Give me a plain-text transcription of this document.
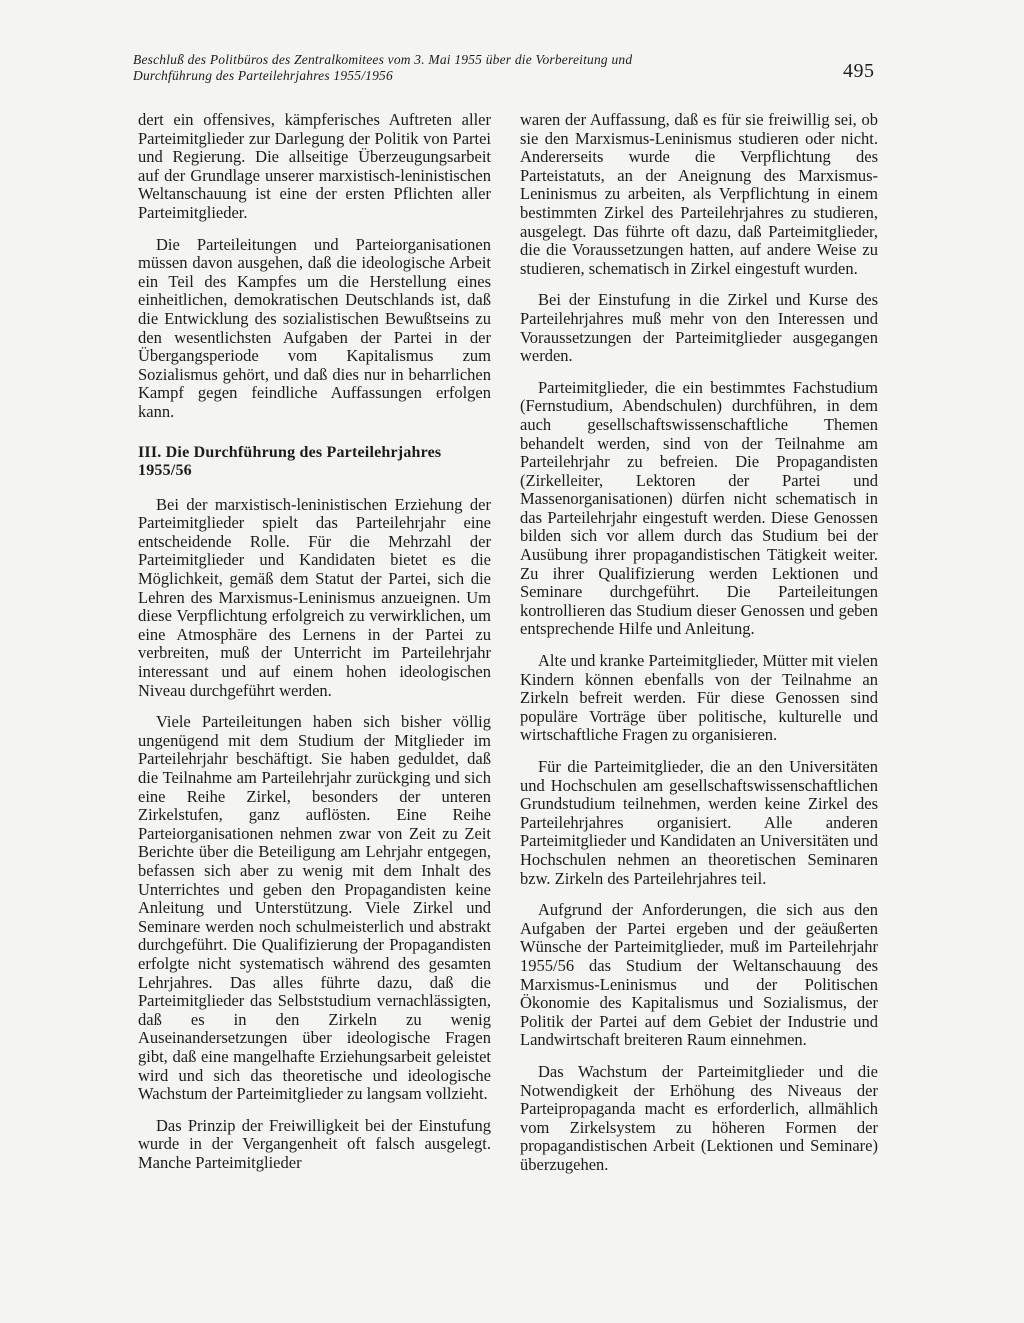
Beschluß des Politbüros des Zentralkomitees vom 3. Mai 1955 über die Vorbereitung und
Durchführung des Parteilehrjahres 1955/1956	495

dert ein offensives, kämpferisches Auftreten aller Parteimitglieder zur Darlegung der Politik von Partei und Regierung. Die allseitige Überzeugungsarbeit auf der Grundlage unserer marxistisch-leninistischen Weltanschauung ist eine der ersten Pflichten aller Parteimitglieder.

Die Parteileitungen und Parteiorganisationen müssen davon ausgehen, daß die ideologische Arbeit ein Teil des Kampfes um die Herstellung eines einheitlichen, demokratischen Deutschlands ist, daß die Entwicklung des sozialistischen Bewußtseins zu den wesentlichsten Aufgaben der Partei in der Übergangsperiode vom Kapitalismus zum Sozialismus gehört, und daß dies nur in beharrlichen Kampf gegen feindliche Auffassungen erfolgen kann.

III. Die Durchführung des Parteilehrjahres 1955/56

Bei der marxistisch-leninistischen Erziehung der Parteimitglieder spielt das Parteilehrjahr eine entscheidende Rolle. Für die Mehrzahl der Parteimitglieder und Kandidaten bietet es die Möglichkeit, gemäß dem Statut der Partei, sich die Lehren des Marxismus-Leninismus anzueignen. Um diese Verpflichtung erfolgreich zu verwirklichen, um eine Atmosphäre des Lernens in der Partei zu verbreiten, muß der Unterricht im Parteilehrjahr interessant und auf einem hohen ideologischen Niveau durchgeführt werden.

Viele Parteileitungen haben sich bisher völlig ungenügend mit dem Studium der Mitglieder im Parteilehrjahr beschäftigt. Sie haben geduldet, daß die Teilnahme am Parteilehrjahr zurückging und sich eine Reihe Zirkel, besonders der unteren Zirkelstufen, ganz auflösten. Eine Reihe Parteiorganisationen nehmen zwar von Zeit zu Zeit Berichte über die Beteiligung am Lehrjahr entgegen, befassen sich aber zu wenig mit dem Inhalt des Unterrichtes und geben den Propagandisten keine Anleitung und Unterstützung. Viele Zirkel und Seminare werden noch schulmeisterlich und abstrakt durchgeführt. Die Qualifizierung der Propagandisten erfolgte nicht systematisch während des gesamten Lehrjahres. Das alles führte dazu, daß die Parteimitglieder das Selbststudium vernachlässigten, daß es in den Zirkeln zu wenig Auseinandersetzungen über ideologische Fragen gibt, daß eine mangelhafte Erziehungsarbeit geleistet wird und sich das theoretische und ideologische Wachstum der Parteimitglieder zu langsam vollzieht.

Das Prinzip der Freiwilligkeit bei der Einstufung wurde in der Vergangenheit oft falsch ausgelegt. Manche Parteimitglieder

waren der Auffassung, daß es für sie freiwillig sei, ob sie den Marxismus-Leninismus studieren oder nicht. Andererseits wurde die Verpflichtung des Parteistatuts, an der Aneignung des Marxismus-Leninismus zu arbeiten, als Verpflichtung in einem bestimmten Zirkel des Parteilehrjahres zu studieren, ausgelegt. Das führte oft dazu, daß Parteimitglieder, die die Voraussetzungen hatten, auf andere Weise zu studieren, schematisch in Zirkel eingestuft wurden.

Bei der Einstufung in die Zirkel und Kurse des Parteilehrjahres muß mehr von den Interessen und Voraussetzungen der Parteimitglieder ausgegangen werden.

Parteimitglieder, die ein bestimmtes Fachstudium (Fernstudium, Abendschulen) durchführen, in dem auch gesellschaftswissenschaftliche Themen behandelt werden, sind von der Teilnahme am Parteilehrjahr zu befreien. Die Propagandisten (Zirkelleiter, Lektoren der Partei und Massenorganisationen) dürfen nicht schematisch in das Parteilehrjahr eingestuft werden. Diese Genossen bilden sich vor allem durch das Studium bei der Ausübung ihrer propagandistischen Tätigkeit weiter. Zu ihrer Qualifizierung werden Lektionen und Seminare durchgeführt. Die Parteileitungen kontrollieren das Studium dieser Genossen und geben entsprechende Hilfe und Anleitung.

Alte und kranke Parteimitglieder, Mütter mit vielen Kindern können ebenfalls von der Teilnahme an Zirkeln befreit werden. Für diese Genossen sind populäre Vorträge über politische, kulturelle und wirtschaftliche Fragen zu organisieren.

Für die Parteimitglieder, die an den Universitäten und Hochschulen am gesellschaftswissenschaftlichen Grundstudium teilnehmen, werden keine Zirkel des Parteilehrjahres organisiert. Alle anderen Parteimitglieder und Kandidaten an Universitäten und Hochschulen nehmen an theoretischen Seminaren bzw. Zirkeln des Parteilehrjahres teil.

Aufgrund der Anforderungen, die sich aus den Aufgaben der Partei ergeben und der geäußerten Wünsche der Parteimitglieder, muß im Parteilehrjahr 1955/56 das Studium der Weltanschauung des Marxismus-Leninismus und der Politischen Ökonomie des Kapitalismus und Sozialismus, der Politik der Partei auf dem Gebiet der Industrie und Landwirtschaft breiteren Raum einnehmen.

Das Wachstum der Parteimitglieder und die Notwendigkeit der Erhöhung des Niveaus der Parteipropaganda macht es erforderlich, allmählich vom Zirkelsystem zu höheren Formen der propagandistischen Arbeit (Lektionen und Seminare) überzugehen.
